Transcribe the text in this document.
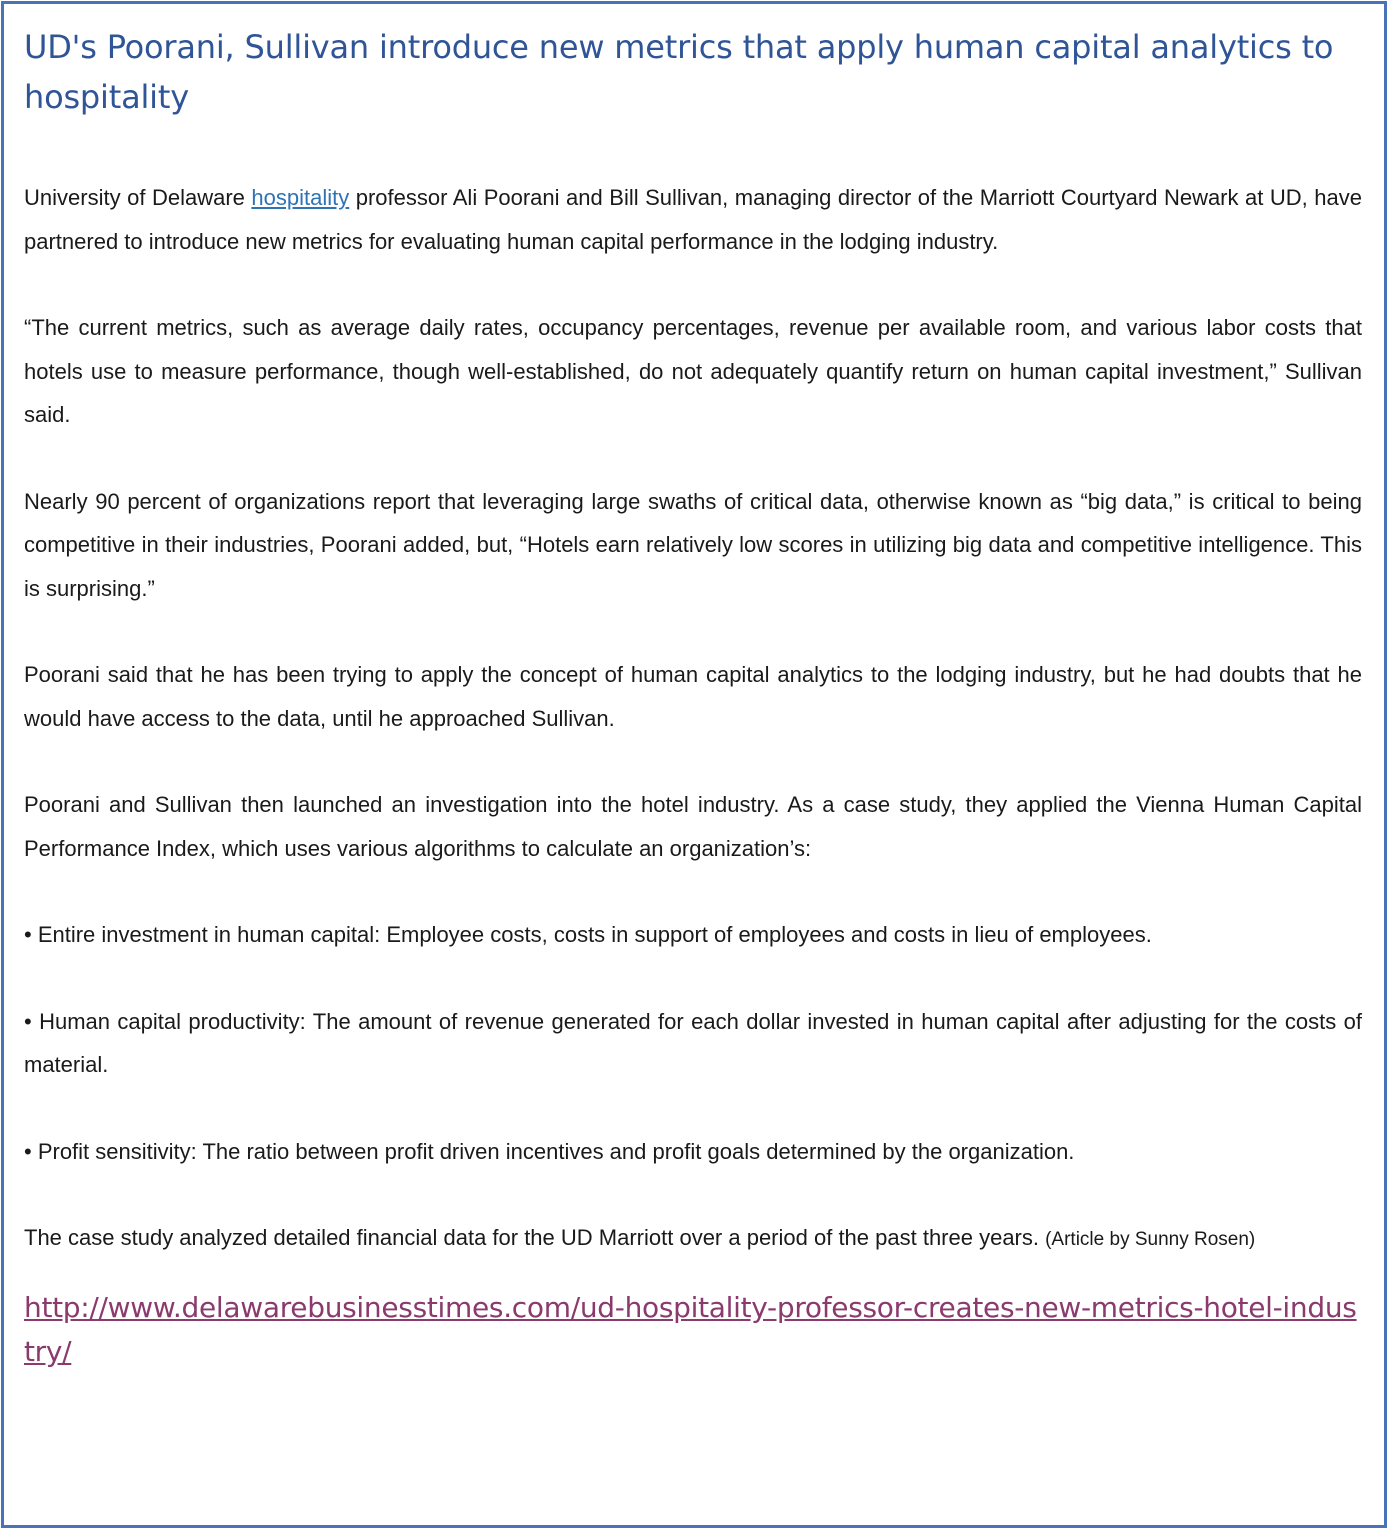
UD's Poorani, Sullivan introduce new metrics that apply human capital analytics to hospitality

University of Delaware hospitality professor Ali Poorani and Bill Sullivan, managing director of the Marriott Courtyard Newark at UD, have partnered to introduce new metrics for evaluating human capital performance in the lodging industry.

“The current metrics, such as average daily rates, occupancy percentages, revenue per available room, and various labor costs that hotels use to measure performance, though well-established, do not adequately quantify return on human capital investment,” Sullivan said.

Nearly 90 percent of organizations report that leveraging large swaths of critical data, otherwise known as “big data,” is critical to being competitive in their industries, Poorani added, but, “Hotels earn relatively low scores in utilizing big data and competitive intelligence. This is surprising.”

Poorani said that he has been trying to apply the concept of human capital analytics to the lodging industry, but he had doubts that he would have access to the data, until he approached Sullivan.

Poorani and Sullivan then launched an investigation into the hotel industry. As a case study, they applied the Vienna Human Capital Performance Index, which uses various algorithms to calculate an organization’s:

• Entire investment in human capital: Employee costs, costs in support of employees and costs in lieu of employees.

• Human capital productivity: The amount of revenue generated for each dollar invested in human capital after adjusting for the costs of material.

• Profit sensitivity: The ratio between profit driven incentives and profit goals determined by the organization.

The case study analyzed detailed financial data for the UD Marriott over a period of the past three years. (Article by Sunny Rosen)

http://www.delawarebusinesstimes.com/ud-hospitality-professor-creates-new-metrics-hotel-industry/
